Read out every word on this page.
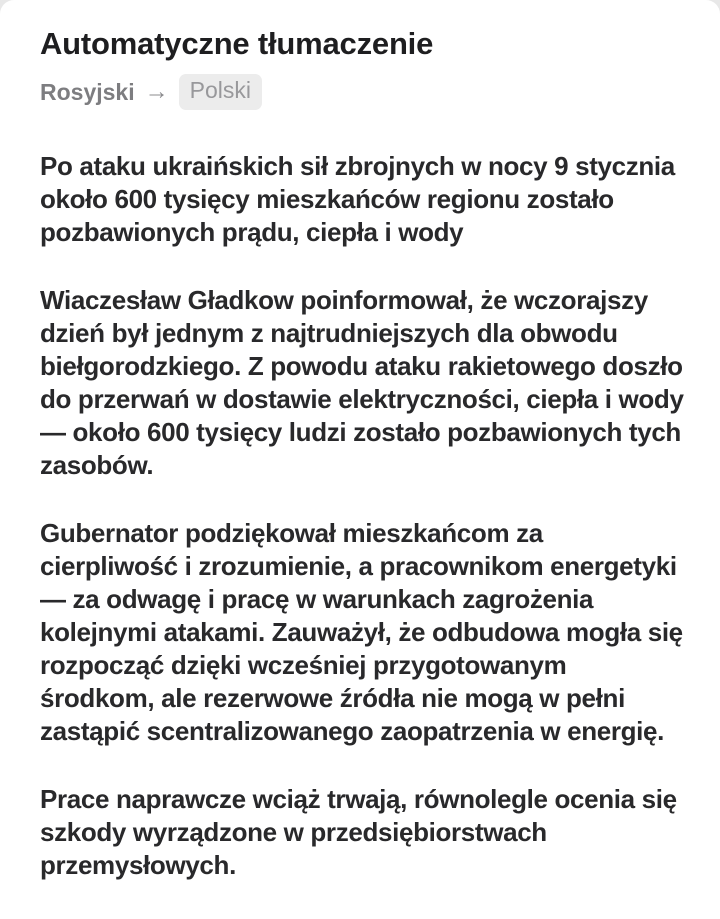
Automatyczne tłumaczenie
Rosyjski → Polski

Po ataku ukraińskich sił zbrojnych w nocy 9 stycznia około 600 tysięcy mieszkańców regionu zostało pozbawionych prądu, ciepła i wody

Wiaczesław Gładkow poinformował, że wczorajszy dzień był jednym z najtrudniejszych dla obwodu biełgorodzkiego. Z powodu ataku rakietowego doszło do przerwań w dostawie elektryczności, ciepła i wody — około 600 tysięcy ludzi zostało pozbawionych tych zasobów.

Gubernator podziękował mieszkańcom za cierpliwość i zrozumienie, a pracownikom energetyki — za odwagę i pracę w warunkach zagrożenia kolejnymi atakami. Zauważył, że odbudowa mogła się rozpocząć dzięki wcześniej przygotowanym środkom, ale rezerwowe źródła nie mogą w pełni zastąpić scentralizowanego zaopatrzenia w energię.

Prace naprawcze wciąż trwają, równolegle ocenia się szkody wyrządzone w przedsiębiorstwach przemysłowych.
